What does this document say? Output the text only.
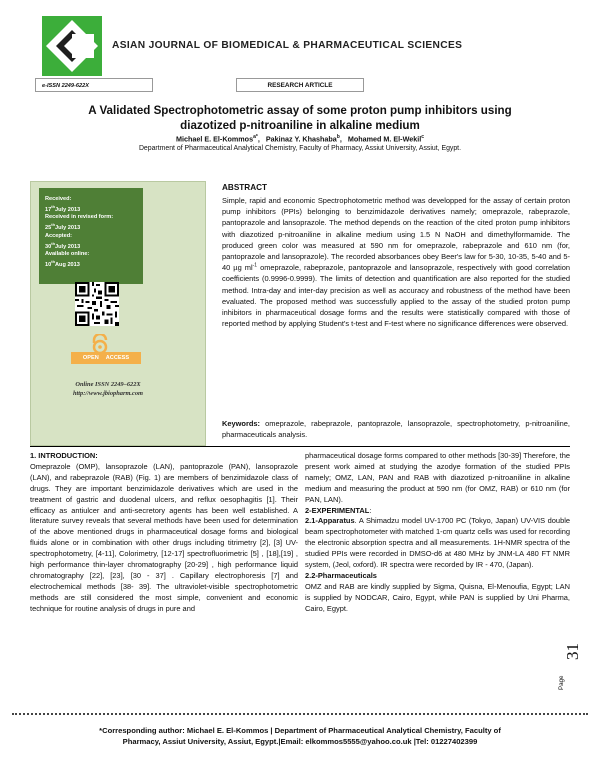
ASIAN JOURNAL OF BIOMEDICAL & PHARMACEUTICAL SCIENCES
e-ISSN 2249-622X	RESEARCH ARTICLE
A Validated Spectrophotometric assay of some proton pump inhibitors using
diazotized p-nitroaniline in alkaline medium
Michael E. El-Kommos$^{a*}$,   Pakinaz Y. Khashaba$^b$,   Mohamed M. El-Wekil$^c$
Department of Pharmaceutical Analytical Chemistry, Faculty of Pharmacy, Assiut University, Assiut, Egypt.
Received:
17thJuly 2013
Received in revised form:
25thJuly 2013
Accepted:
30thJuly 2013
Available online:
10thAug 2013
OPEN ACCESS
Online ISSN 2249–622X
http://www.jbiopharm.com
ABSTRACT
Simple, rapid and economic Spectrophotometric method was developped for the assay of certain proton pump inhibitors (PPIs) belonging to benzimidazole derivatives namely; omeprazole, rabeprazole, pantoprazole and lansoprazole. The method depends on the reaction of the cited proton pump inhibitors with diazotized p-nitroaniline in alkaline medium using 1.5 N NaOH and dimethylformamide. The produced green color was measured at 590 nm for omeprazole, rabeprazole and 610 nm (for, pantoprazole and lansoprazole). The recorded absorbances obey Beer's law for 5-30, 10-35, 5-40 and 5-40 µg $ml^{-1}$ omeprazole, rabeprazole, pantoprazole and lansoprazole, respectively with good correlation coefficients (0.9996-0.9999). The limits of detection and quantification are also reported for the studied method. Intra-day and inter-day precision as well as accuracy and robustness of the method have been evaluated. The proposed method was successfully applied to the assay of the studied proton pump inhibitors in pharmaceutical dosage forms and the results were statistically compared with those of reported method by applying Student's t-test and F-test where no significance differences were observed.
Keywords: omeprazole, rabeprazole, pantoprazole, lansoprazole, spectrophotometry, p-nitroaniline, pharmaceuticals analysis.
1. INTRODUCTION:

Omeprazole (OMP), lansoprazole (LAN), pantoprazole (PAN), lansoprazole (LAN), and rabeprazole (RAB) (Fig. 1) are members of benzimidazole class of drugs. They are important benzimidazole derivatives which are used in the treatment of gastric and duodenal ulcers, and reflux oesophagitis [1]. Their efficacy as antiulcer and anti-secretory agents has been well established. A literature survey reveals that several methods have been used for determination of the above mentioned drugs in pharmaceutical dosage forms and biological fluids alone or in combination with other drugs including titrimetry [2], [3] UV-spectrophotometry, [4-11], Colorimetry, [12-17] spectrofluorimetric [5] , [18],[19] , high performance thin-layer chromatography [20-29] , high performance liquid chromatography [22], [23], [30 - 37] . Capillary electrophoresis [7] and electrochemical methods [38- 39]. The ultraviolet-visible spectrophotometric methods are still considered the most simple, convenient and economic technique for routine analysis of drugs in pure and

pharmaceutical dosage forms compared to other methods [30-39] Therefore, the present work aimed at studying the azodye formation of the studied PPIs namely; OMZ, LAN, PAN and RAB with diazotized p-nitroaniline in alkaline medium and measuring the product at 590 nm (for OMZ, RAB) or 610 nm (for PAN, LAN).

2-EXPERIMENTAL:

2.1-Apparatus. A Shimadzu model UV-1700 PC (Tokyo, Japan) UV-VIS double beam spectrophotometer with matched 1-cm quartz cells was used for recording the electronic absorption spectra and all measurements. 1H-NMR spectra of the studied PPIs were recorded in DMSO-d6 at 480 MHz by JNM-LA 480 FT NMR system, (Jeol, oxford). IR spectra were recorded by IR - 470, (Japan).

2.2-Pharmaceuticals

OMZ and RAB are kindly supplied by Sigma, Quisna, El-Menoufia, Egypt; LAN is supplied by NODCAR, Cairo, Egypt, while PAN is supplied by Uni Pharma, Cairo, Egypt.

31
Page
*Corresponding author: Michael E. El-Kommos | Department of Pharmaceutical Analytical Chemistry, Faculty of
Pharmacy, Assiut University, Assiut, Egypt.|Email: elkommos5555@yahoo.co.uk |Tel: 01227402399
